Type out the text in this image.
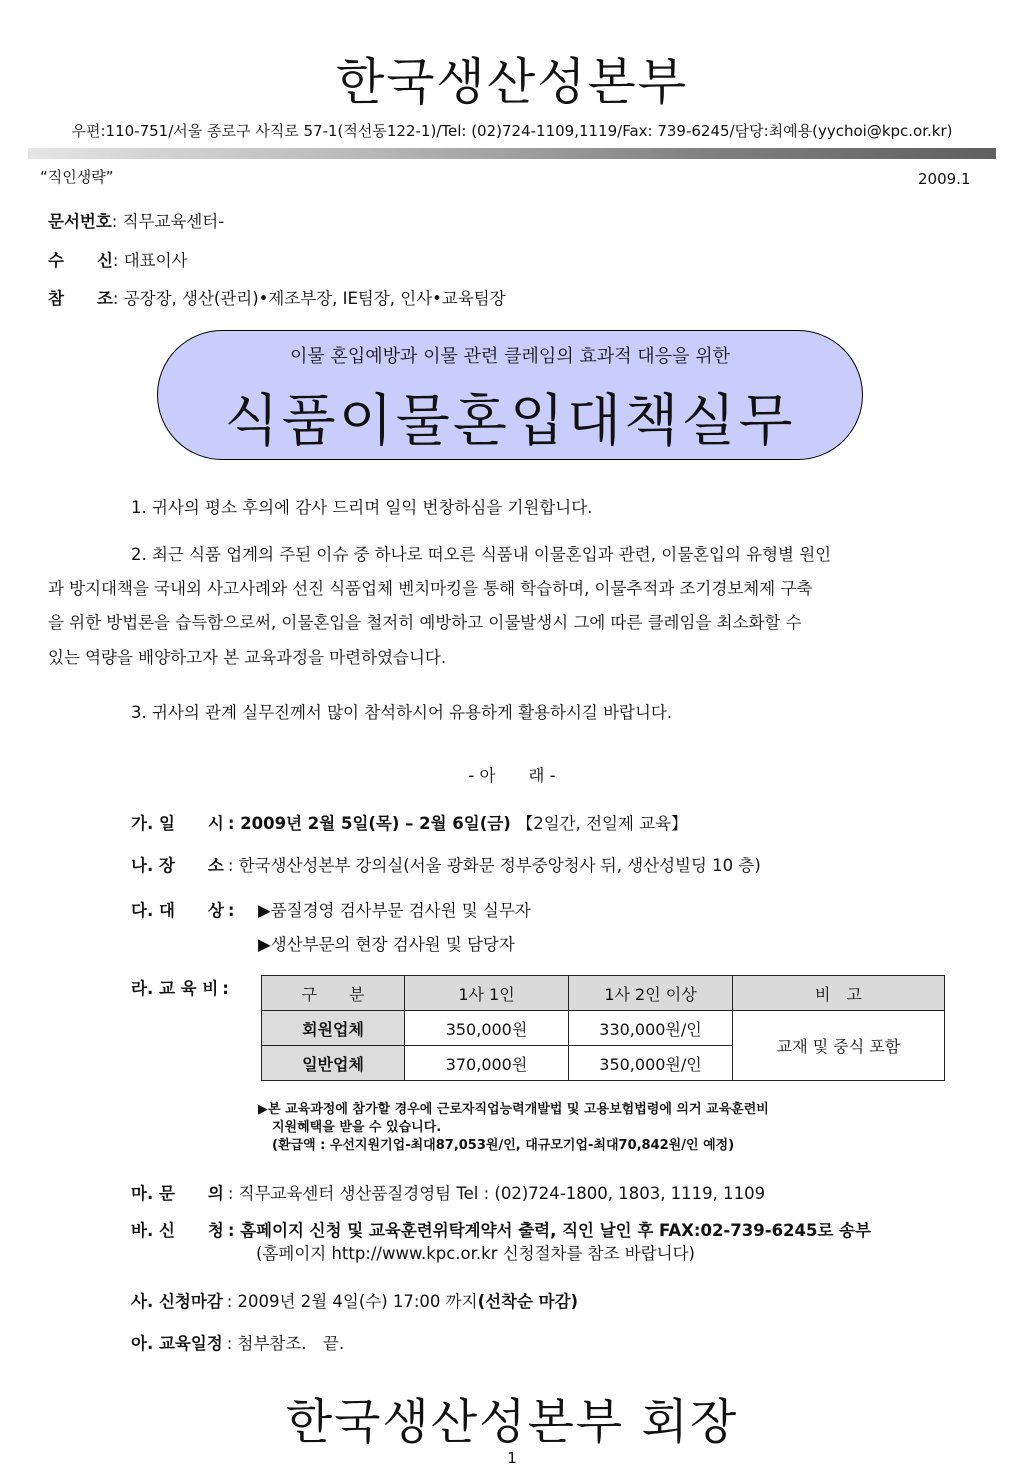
한국생산성본부
우편:110-751/서울 종로구 사직로 57-1(적선동122-1)/Tel: (02)724-1109,1119/Fax: 739-6245/담당:최예용(yychoi@kpc.or.kr)
“직인생략”	2009.1
문서번호: 직무교육센터-
수　　신: 대표이사
참　　조: 공장장, 생산(관리)•제조부장, IE팀장, 인사•교육팀장
이물 혼입예방과 이물 관련 클레임의 효과적 대응을 위한
식품이물혼입대책실무
1. 귀사의 평소 후의에 감사 드리며 일익 번창하심을 기원합니다.
2. 최근 식품 업계의 주된 이슈 중 하나로 떠오른 식품내 이물혼입과 관련, 이물혼입의 유형별 원인
과 방지대책을 국내외 사고사례와 선진 식품업체 벤치마킹을 통해 학습하며, 이물추적과 조기경보체제 구축
을 위한 방법론을 습득함으로써, 이물혼입을 철저히 예방하고 이물발생시 그에 따른 클레임을 최소화할 수
있는 역량을 배양하고자 본 교육과정을 마련하였습니다.
3. 귀사의 관계 실무진께서 많이 참석하시어 유용하게 활용하시길 바랍니다.
- 아　　래 -
가. 일　　시 : 2009년 2월 5일(목) – 2월 6일(금) 【2일간, 전일제 교육】
나. 장　　소 : 한국생산성본부 강의실(서울 광화문 정부중앙청사 뒤, 생산성빌딩 10 층)
다. 대　　상 : ▶품질경영 검사부문 검사원 및 실무자
▶생산부문의 현장 검사원 및 담당자
라. 교 육 비 :	구　　분	1사 1인	1사 2인 이상	비　고
회원업체	350,000원	330,000원/인	교재 및 중식 포함
일반업체	370,000원	350,000원/인	
▶본 교육과정에 참가할 경우에 근로자직업능력개발법 및 고용보험법령에 의거 교육훈련비
지원혜택을 받을 수 있습니다.
(환급액 : 우선지원기업-최대87,053원/인, 대규모기업-최대70,842원/인 예정)
마. 문　　의 : 직무교육센터 생산품질경영팀 Tel : (02)724-1800, 1803, 1119, 1109
바. 신　　청 : 홈페이지 신청 및 교육훈련위탁계약서 출력, 직인 날인 후 FAX:02-739-6245로 송부
(홈페이지 http://www.kpc.or.kr 신청절차를 참조 바랍니다)
사. 신청마감 : 2009년 2월 4일(수) 17:00 까지(선착순 마감)
아. 교육일정 : 첨부참조.　끝.
한국생산성본부 회장
1
